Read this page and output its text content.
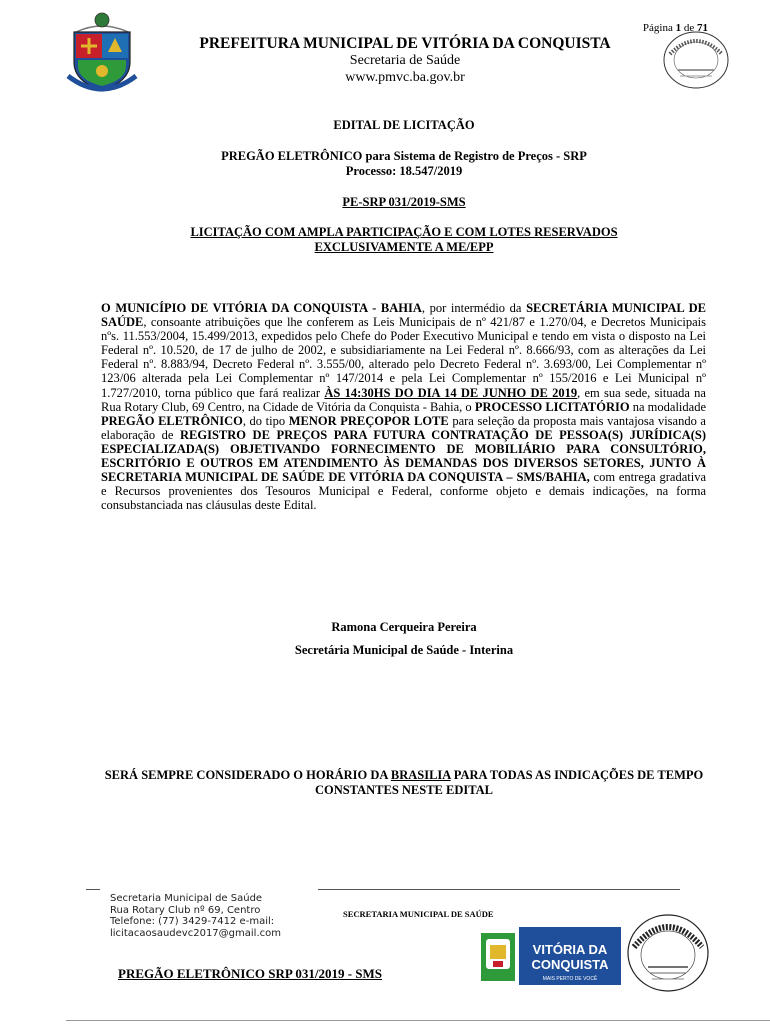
Página 1 de 71
PREFEITURA MUNICIPAL DE VITÓRIA DA CONQUISTA
Secretaria de Saúde
www.pmvc.ba.gov.br
EDITAL DE LICITAÇÃO
PREGÃO ELETRÔNICO para Sistema de Registro de Preços - SRP
Processo: 18.547/2019
PE-SRP 031/2019-SMS
LICITAÇÃO COM AMPLA PARTICIPAÇÃO E COM LOTES RESERVADOS
EXCLUSIVAMENTE A ME/EPP
O MUNICÍPIO DE VITÓRIA DA CONQUISTA - BAHIA, por intermédio da SECRETÁRIA MUNICIPAL DE SAÚDE, consoante atribuições que lhe conferem as Leis Municipais de nº 421/87 e 1.270/04, e Decretos Municipais nºs. 11.553/2004, 15.499/2013, expedidos pelo Chefe do Poder Executivo Municipal e tendo em vista o disposto na Lei Federal nº. 10.520, de 17 de julho de 2002, e subsidiariamente na Lei Federal nº. 8.666/93, com as alterações da Lei Federal nº. 8.883/94, Decreto Federal nº. 3.555/00, alterado pelo Decreto Federal nº. 3.693/00, Lei Complementar nº 123/06 alterada pela Lei Complementar nº 147/2014 e pela Lei Complementar nº 155/2016 e Lei Municipal nº 1.727/2010, torna público que fará realizar ÀS 14:30HS DO DIA 14 DE JUNHO DE 2019, em sua sede, situada na Rua Rotary Club, 69 Centro, na Cidade de Vitória da Conquista - Bahia, o PROCESSO LICITATÓRIO na modalidade PREGÃO ELETRÔNICO, do tipo MENOR PREÇOPOR LOTE para seleção da proposta mais vantajosa visando a elaboração de REGISTRO DE PREÇOS PARA FUTURA CONTRATAÇÃO DE PESSOA(S) JURÍDICA(S) ESPECIALIZADA(S) OBJETIVANDO FORNECIMENTO DE MOBILIÁRIO PARA CONSULTÓRIO, ESCRITÓRIO E OUTROS EM ATENDIMENTO ÀS DEMANDAS DOS DIVERSOS SETORES, JUNTO À SECRETARIA MUNICIPAL DE SAÚDE DE VITÓRIA DA CONQUISTA – SMS/BAHIA, com entrega gradativa e Recursos provenientes dos Tesouros Municipal e Federal, conforme objeto e demais indicações, na forma consubstanciada nas cláusulas deste Edital.
Ramona Cerqueira Pereira
Secretária Municipal de Saúde - Interina
SERÁ SEMPRE CONSIDERADO O HORÁRIO DA BRASILIA PARA TODAS AS INDICAÇÕES DE TEMPO CONSTANTES NESTE EDITAL
Secretaria Municipal de Saúde
Rua Rotary Club nº 69, Centro
Telefone: (77) 3429-7412 e-mail:
licitacaosaudevc2017@gmail.com
SECRETARIA MUNICIPAL DE SAÚDE
PREGÃO ELETRÔNICO SRP 031/2019 - SMS
VITÓRIA DA
CONQUISTA
MAIS PERTO DE VOCÊ
